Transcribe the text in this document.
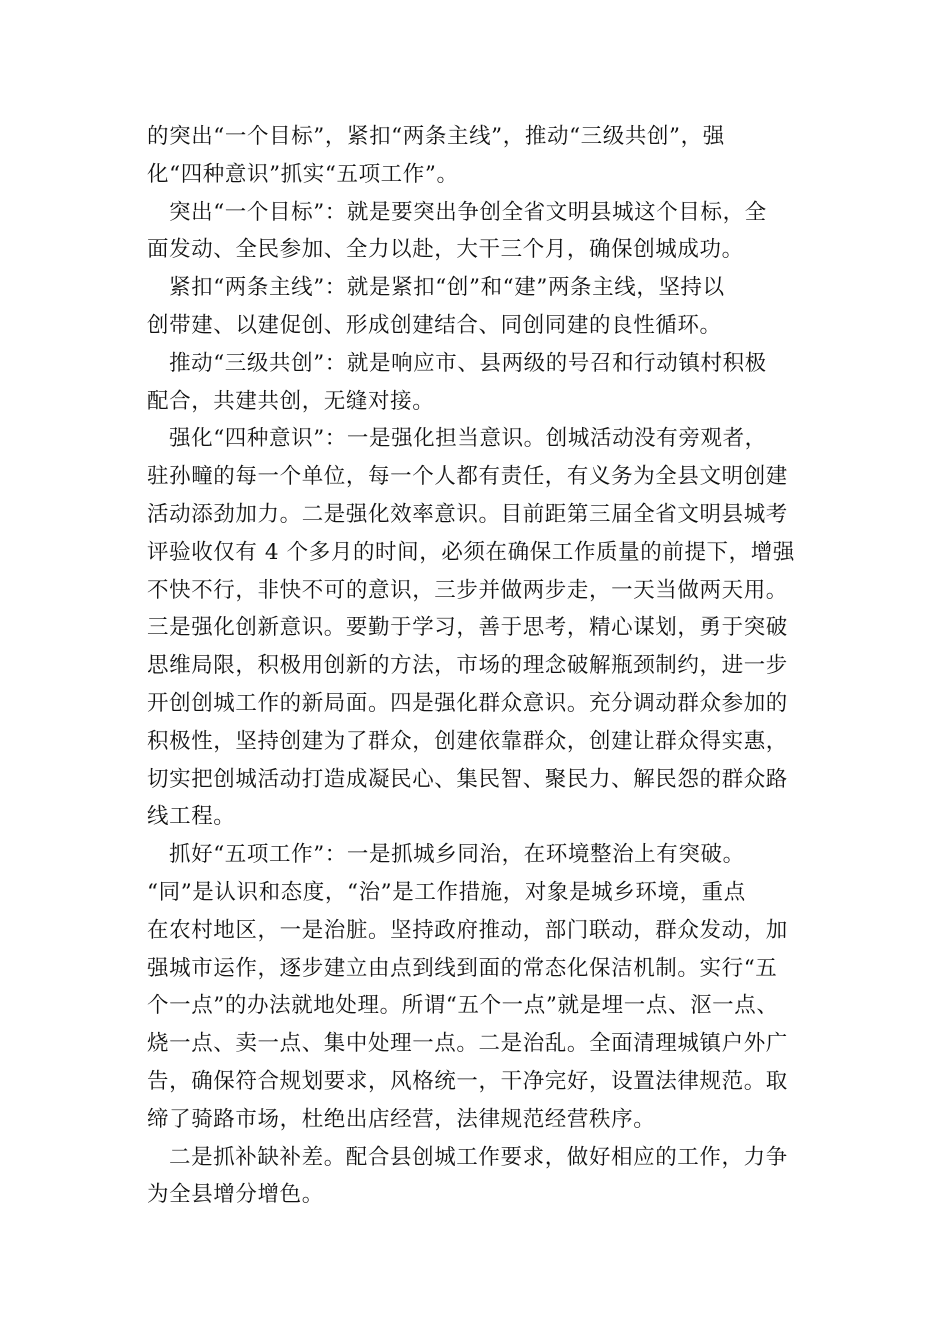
的突出“一个目标”，紧扣“两条主线”，推动“三级共创”，强
化“四种意识”抓实“五项工作”。
突出“一个目标”：就是要突出争创全省文明县城这个目标，全
面发动、全民参加、全力以赴，大干三个月，确保创城成功。
紧扣“两条主线”：就是紧扣“创”和“建”两条主线，坚持以
创带建、以建促创、形成创建结合、同创同建的良性循环。
推动“三级共创”：就是响应市、县两级的号召和行动镇村积极
配合，共建共创，无缝对接。
强化“四种意识”：一是强化担当意识。创城活动没有旁观者，
驻孙疃的每一个单位，每一个人都有责任，有义务为全县文明创建
活动添劲加力。二是强化效率意识。目前距第三届全省文明县城考
评验收仅有 4 个多月的时间，必须在确保工作质量的前提下，增强
不快不行，非快不可的意识，三步并做两步走，一天当做两天用。
三是强化创新意识。要勤于学习，善于思考，精心谋划，勇于突破
思维局限，积极用创新的方法，市场的理念破解瓶颈制约，进一步
开创创城工作的新局面。四是强化群众意识。充分调动群众参加的
积极性，坚持创建为了群众，创建依靠群众，创建让群众得实惠，
切实把创城活动打造成凝民心、集民智、聚民力、解民怨的群众路
线工程。
抓好“五项工作”：一是抓城乡同治，在环境整治上有突破。
“同”是认识和态度，“治”是工作措施，对象是城乡环境，重点
在农村地区，一是治脏。坚持政府推动，部门联动，群众发动，加
强城市运作，逐步建立由点到线到面的常态化保洁机制。实行“五
个一点”的办法就地处理。所谓“五个一点”就是埋一点、沤一点、
烧一点、卖一点、集中处理一点。二是治乱。全面清理城镇户外广
告，确保符合规划要求，风格统一，干净完好，设置法律规范。取
缔了骑路市场，杜绝出店经营，法律规范经营秩序。
二是抓补缺补差。配合县创城工作要求，做好相应的工作，力争
为全县增分增色。
